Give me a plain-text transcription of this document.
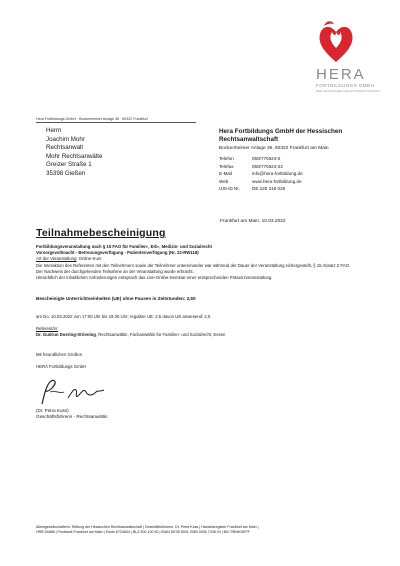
HERA
FORTBILDUNGS GMBH
DER HESSISCHEN RECHTSANWALTSCHAFT
Hera Fortbildungs GmbH · Bockenheimer Anlage 36 · 60322 Frankfurt
Herrn
Joachim Mohr
Rechtsanwalt
Mohr Rechtsanwälte
Greizer Straße 1
35398 Gießen
Hera Fortbildungs GmbH der Hessischen Rechtsanwaltschaft
Bockenheimer Anlage 36, 60322 Frankfurt am Main
Telefon	069/770624-0
Telefax	069/770624-22
E-Mail	info@hera-fortbildung.de
Web	www.hera-fortbildung.de
USt-ID Nr.	DE 220 316 026
Frankfurt am Main, 10.03.2022
Teilnahmebescheinigung
Fortbildungsveranstaltung nach § 15 FAO für Familien-, Erb-, Medizin- und Sozialrecht
Vorsorgevollmacht - Betreuungsverfügung - Patientenverfügung (Nr. 22-RW118)
Art der Veranstaltung: Online-Kurs
Die Interaktion des Referenten mit den Teilnehmern sowie der Teilnehmer untereinander war während der Dauer der Veranstaltung sichergestellt, § 15 Absatz 2 FAO.
Der Nachweis der durchgehenden Teilnahme an der Veranstaltung wurde erbracht.
Hinsichtlich der inhaltlichen Anforderungen entsprach das Live-Online-Seminar einer entsprechenden Präsenzveranstaltung.
Bescheinigte Unterrichtseinheiten (UE) ohne Pausen in Zeitstunden: 2,50
am Do. 10.03.2022 von 17:00 Uhr bis 19:30 Uhr; reguläre UE: 2,5 davon UE anwesend: 2,5
Referent/in:
Dr. Gudrun Doering-Striening, Rechtsanwältin, Fachanwältin für Familien- und Sozialrecht, Essen
Mit freundlichen Grüßen
HERA Fortbildungs GmbH
(Dr. Petra Kuss)
Geschäftsführerin - Rechtsanwältin
Alleingesellschafterin: Stiftung der Hessischen Rechtsanwaltschaft | Geschäftsführerin: Dr. Petra Kuss | Handelsregister Frankfurt am Main |
HRB 54688 | Postbank Frankfurt am Main | Konto 6724604 | BLZ 500 100 60 | IBAN DE35 5001 0060 0006 7246 04 | BIC PBNKDEFF
